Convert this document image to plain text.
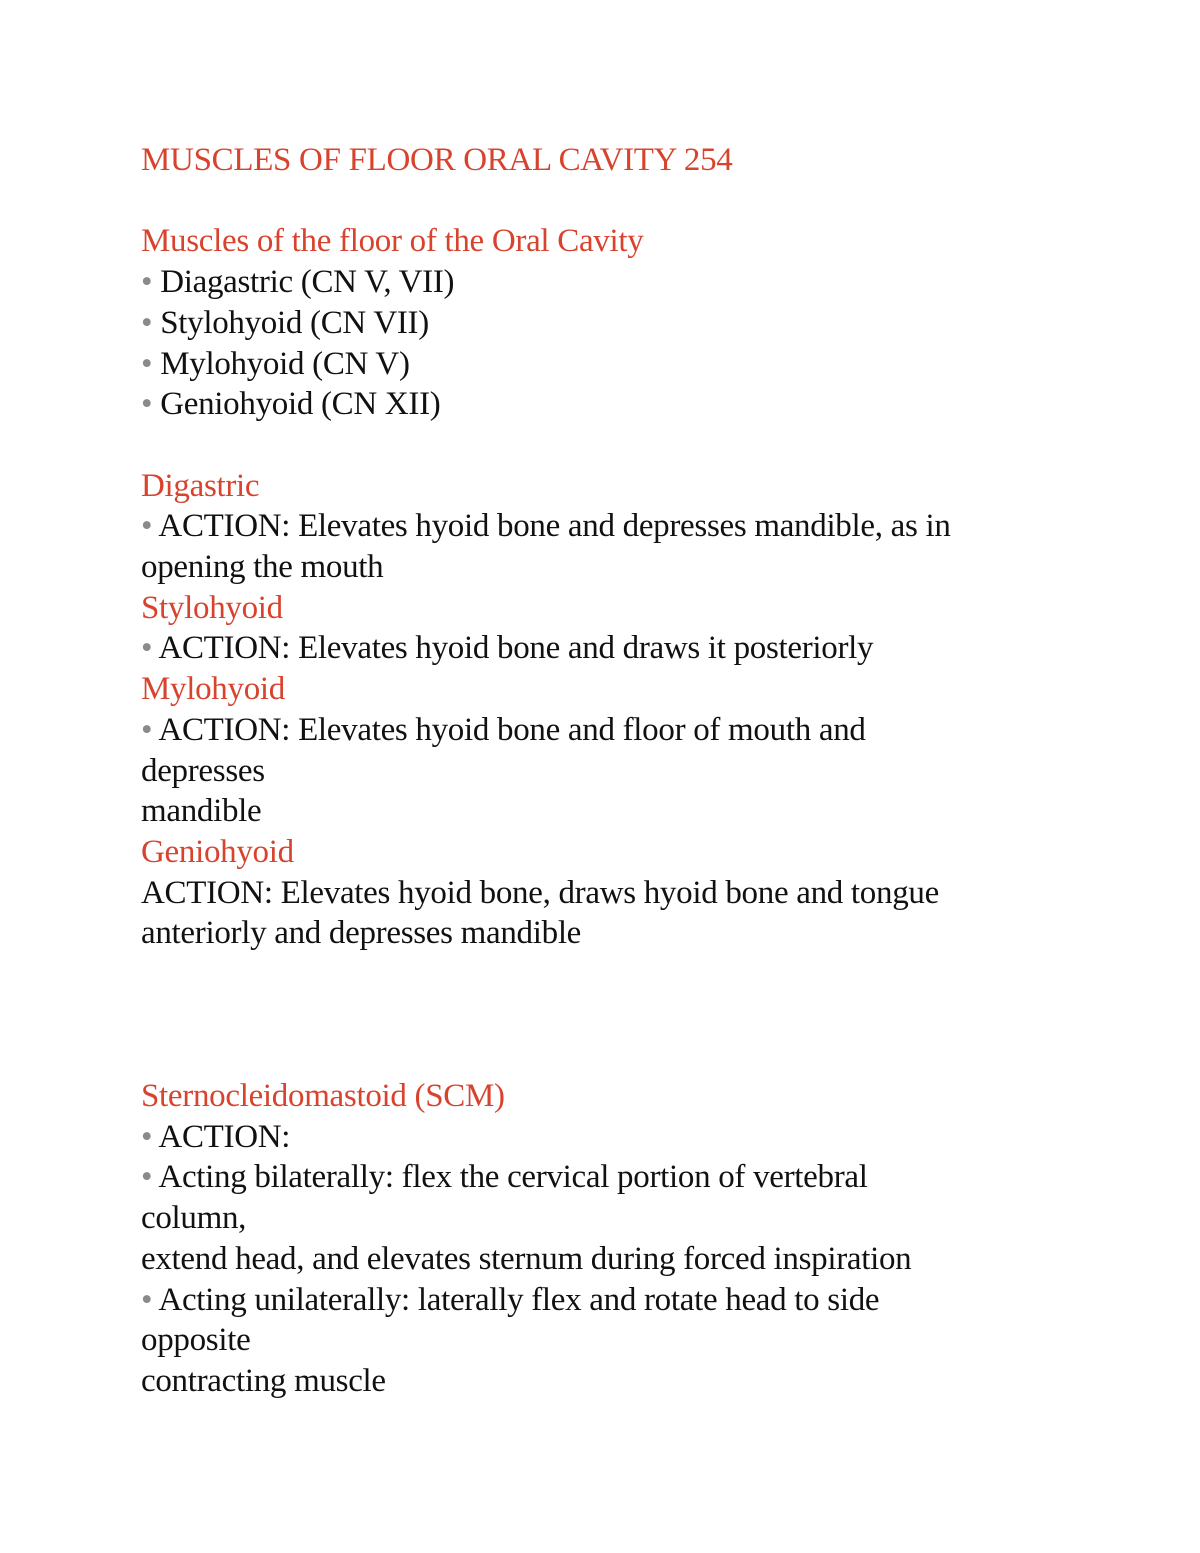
MUSCLES OF FLOOR ORAL CAVITY 254
Muscles of the floor of the Oral Cavity
• Diagastric (CN V, VII)
• Stylohyoid (CN VII)
• Mylohyoid (CN V)
• Geniohyoid (CN XII)
Digastric
• ACTION: Elevates hyoid bone and depresses mandible, as in
opening the mouth
Stylohyoid
• ACTION: Elevates hyoid bone and draws it posteriorly
Mylohyoid
• ACTION: Elevates hyoid bone and floor of mouth and
depresses
mandible
Geniohyoid
ACTION: Elevates hyoid bone, draws hyoid bone and tongue
anteriorly and depresses mandible
Sternocleidomastoid (SCM)
• ACTION:
• Acting bilaterally: flex the cervical portion of vertebral
column,
extend head, and elevates sternum during forced inspiration
• Acting unilaterally: laterally flex and rotate head to side
opposite
contracting muscle
